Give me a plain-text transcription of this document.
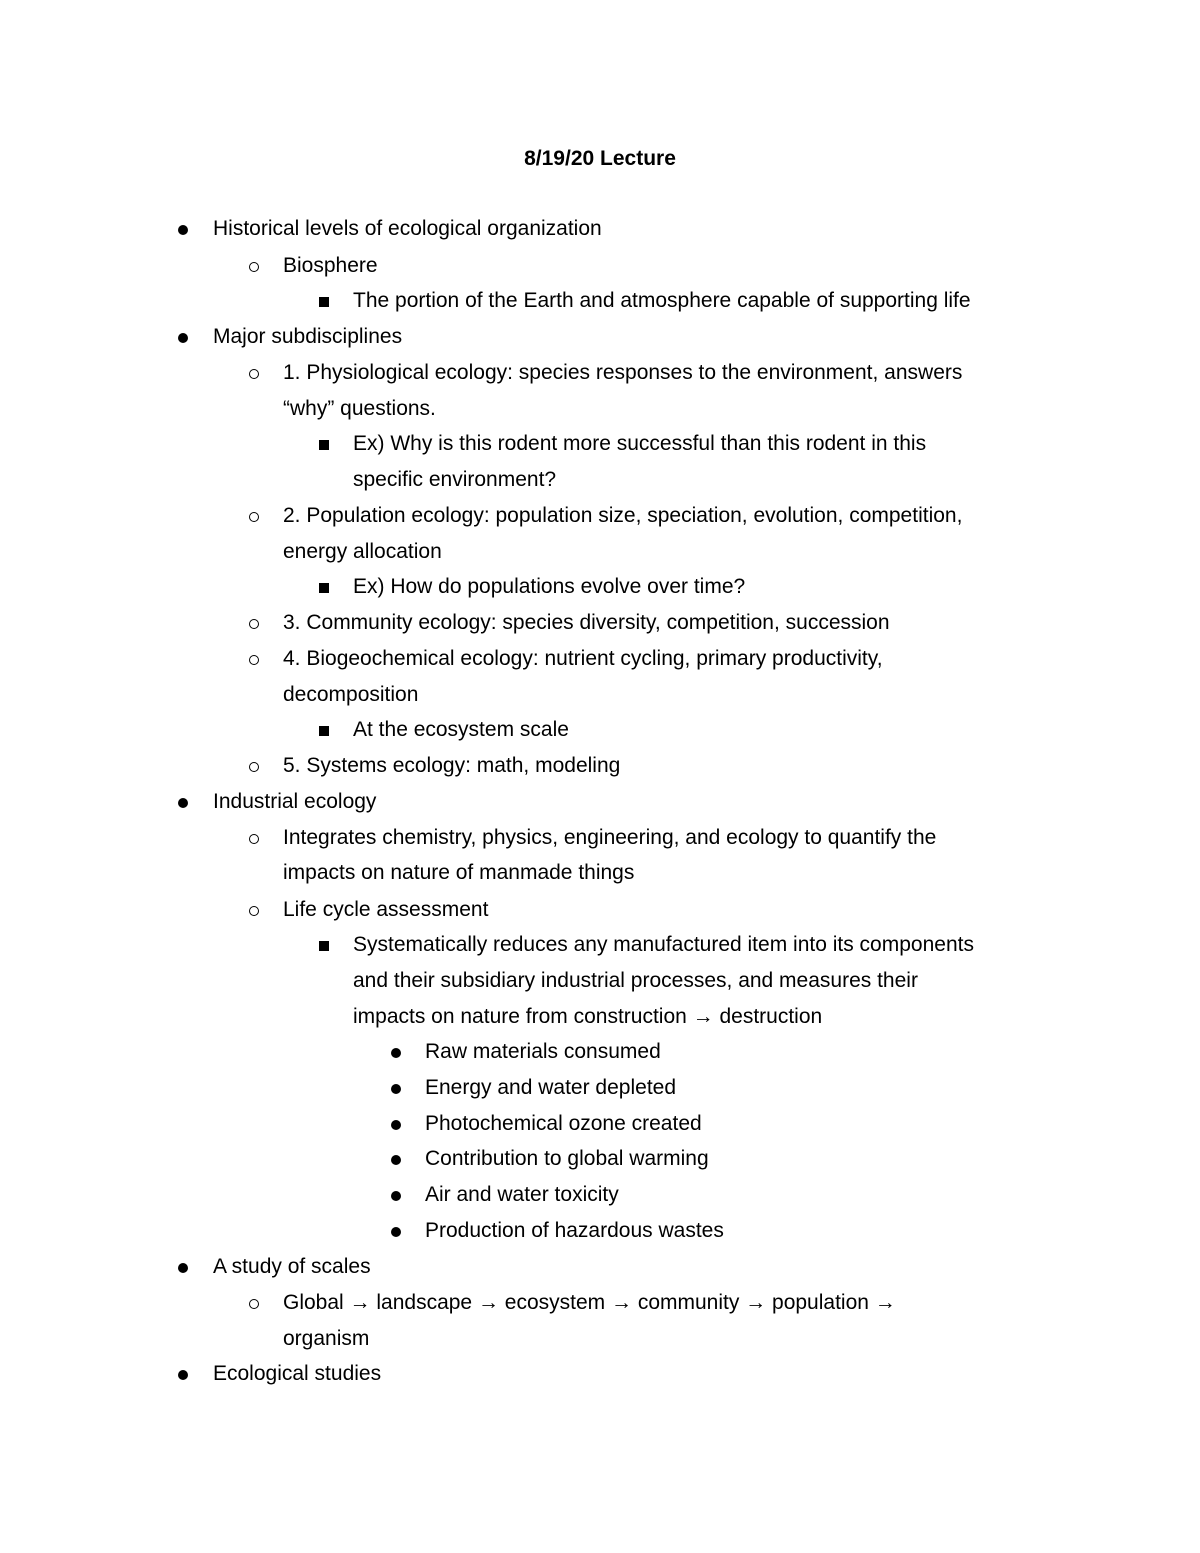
8/19/20 Lecture
Historical levels of ecological organization
Biosphere
The portion of the Earth and atmosphere capable of supporting life
Major subdisciplines
1. Physiological ecology: species responses to the environment, answers
“why” questions.
Ex) Why is this rodent more successful than this rodent in this
specific environment?
2. Population ecology: population size, speciation, evolution, competition,
energy allocation
Ex) How do populations evolve over time?
3. Community ecology: species diversity, competition, succession
4. Biogeochemical ecology: nutrient cycling, primary productivity,
decomposition
At the ecosystem scale
5. Systems ecology: math, modeling
Industrial ecology
Integrates chemistry, physics, engineering, and ecology to quantify the
impacts on nature of manmade things
Life cycle assessment
Systematically reduces any manufactured item into its components
and their subsidiary industrial processes, and measures their
impacts on nature from construction → destruction
Raw materials consumed
Energy and water depleted
Photochemical ozone created
Contribution to global warming
Air and water toxicity
Production of hazardous wastes
A study of scales
Global → landscape → ecosystem → community → population →
organism
Ecological studies
